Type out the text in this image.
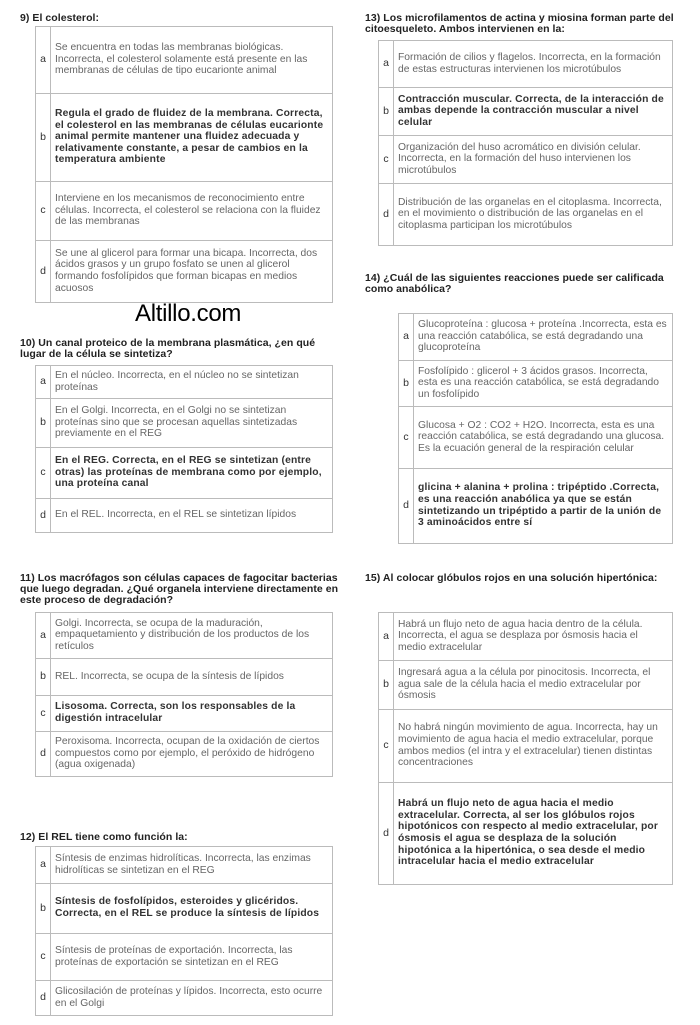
9) El colesterol:
a	Se encuentra en todas las membranas biológicas. Incorrecta, el colesterol solamente está presente en las membranas de células de tipo eucarionte animal
b	Regula el grado de fluidez de la membrana. Correcta, el colesterol en las membranas de células eucarionte animal permite mantener una fluidez adecuada y relativamente constante, a pesar de cambios en la temperatura ambiente
c	Interviene en los mecanismos de reconocimiento entre células. Incorrecta, el colesterol se relaciona con la fluidez de las membranas
d	Se une al glicerol para formar una bicapa. Incorrecta, dos ácidos grasos y un grupo fosfato se unen al glicerol formando fosfolípidos que forman bicapas en medios acuosos
Altillo.com
10) Un canal proteico de la membrana plasmática, ¿en qué lugar de la célula se sintetiza?
a	En el núcleo. Incorrecta, en el núcleo no se sintetizan proteínas
b	En el Golgi. Incorrecta, en el Golgi no se sintetizan proteínas sino que se procesan aquellas sintetizadas previamente en el REG
c	En el REG. Correcta, en el REG se sintetizan (entre otras) las proteínas de membrana como por ejemplo, una proteína canal
d	En el REL. Incorrecta, en el REL se sintetizan lípidos
11) Los macrófagos son células capaces de fagocitar bacterias que luego degradan. ¿Qué organela interviene directamente en este proceso de degradación?
a	Golgi. Incorrecta, se ocupa de la maduración, empaquetamiento y distribución de los productos de los retículos
b	REL. Incorrecta, se ocupa de la síntesis de lípidos
c	Lisosoma. Correcta, son los responsables de la digestión intracelular
d	Peroxisoma. Incorrecta, ocupan de la oxidación de ciertos compuestos como por ejemplo, el peróxido de hidrógeno (agua oxigenada)
12) El REL tiene como función la:
a	Síntesis de enzimas hidrolíticas. Incorrecta, las enzimas hidrolíticas se sintetizan en el REG
b	Síntesis de fosfolípidos, esteroides y glicéridos. Correcta, en el REL se produce la síntesis de lípidos
c	Síntesis de proteínas de exportación. Incorrecta, las proteínas de exportación se sintetizan en el REG
d	Glicosilación de proteínas y lípidos. Incorrecta, esto ocurre en el Golgi
13) Los microfilamentos de actina y miosina forman parte del citoesqueleto. Ambos intervienen en la:
a	Formación de cilios y flagelos. Incorrecta, en la formación de estas estructuras intervienen los microtúbulos
b	Contracción muscular. Correcta, de la interacción de ambas depende la contracción muscular a nivel celular
c	Organización del huso acromático en división celular. Incorrecta, en la formación del huso intervienen los microtúbulos
d	Distribución de las organelas en el citoplasma. Incorrecta, en el movimiento o distribución de las organelas en el citoplasma participan los microtúbulos
14) ¿Cuál de las siguientes reacciones puede ser calificada como anabólica?
a	Glucoproteína : glucosa + proteína .Incorrecta, esta es una reacción catabólica, se está degradando una glucoproteína
b	Fosfolípido : glicerol + 3 ácidos grasos. Incorrecta, esta es una reacción catabólica, se está degradando un fosfolípido
c	Glucosa + O2 : CO2 + H2O. Incorrecta, esta es una reacción catabólica, se está degradando una glucosa. Es la ecuación general de la respiración celular
d	glicina + alanina + prolina : tripéptido .Correcta, es una reacción anabólica ya que se están sintetizando un tripéptido a partir de la unión de 3 aminoácidos entre sí
15) Al colocar glóbulos rojos en una solución hipertónica:
a	Habrá un flujo neto de agua hacia dentro de la célula. Incorrecta, el agua se desplaza por ósmosis hacia el medio extracelular
b	Ingresará agua a la célula por pinocitosis. Incorrecta, el agua sale de la célula hacia el medio extracelular por ósmosis
c	No habrá ningún movimiento de agua. Incorrecta, hay un movimiento de agua hacia el medio extracelular, porque ambos medios (el intra y el extracelular) tienen distintas concentraciones
d	Habrá un flujo neto de agua hacia el medio extracelular. Correcta, al ser los glóbulos rojos hipotónicos con respecto al medio extracelular, por ósmosis el agua se desplaza de la solución hipotónica a la hipertónica, o sea desde el medio intracelular hacia el medio extracelular
